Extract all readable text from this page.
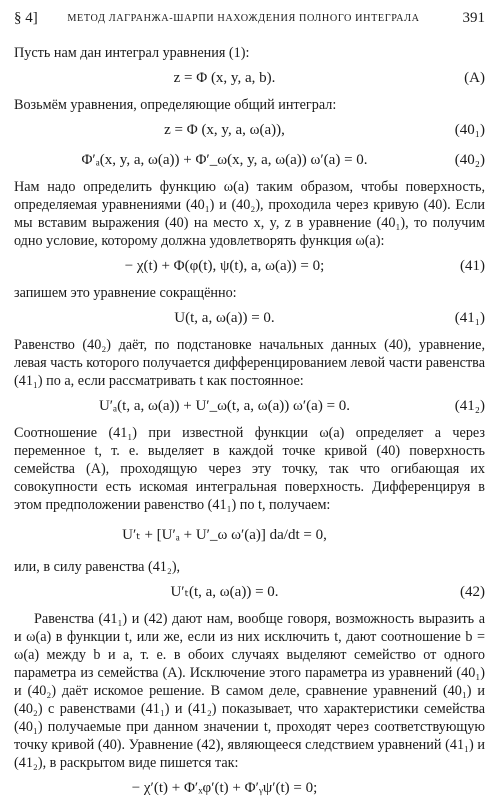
§ 4]	МЕТОД ЛАГРАНЖА-ШАРПИ НАХОЖДЕНИЯ ПОЛНОГО ИНТЕГРАЛА	391

Пусть нам дан интеграл уравнения (1):

z = Φ (x, y, a, b).	(A)

Возьмём уравнения, определяющие общий интеграл:

z = Φ (x, y, a, ω(a)),	(40₁)
Φ′ₐ(x, y, a, ω(a)) + Φ′_ω(x, y, a, ω(a)) ω′(a) = 0.	(40₂)

Нам надо определить функцию ω(a) таким образом, чтобы поверхность, определяемая уравнениями (40₁) и (40₂), проходила через кривую (40). Если мы вставим выражения (40) на место x, y, z в уравнение (40₁), то получим одно условие, которому должна удовлетворять функция ω(a):

− χ(t) + Φ(φ(t), ψ(t), a, ω(a)) = 0;	(41)

запишем это уравнение сокращённо:

U(t, a, ω(a)) = 0.	(41₁)

Равенство (40₂) даёт, по подстановке начальных данных (40), уравнение, левая часть которого получается дифференцированием левой части равенства (41₁) по a, если рассматривать t как постоянное:

U′ₐ(t, a, ω(a)) + U′_ω(t, a, ω(a)) ω′(a) = 0.	(41₂)

Соотношение (41₁) при известной функции ω(a) определяет a через переменное t, т. е. выделяет в каждой точке кривой (40) поверхность семейства (A), проходящую через эту точку, так что огибающая их совокупности есть искомая интегральная поверхность. Дифференцируя в этом предположении равенство (41₁) по t, получаем:

U′ₜ + [U′ₐ + U′_ω ω′(a)] da/dt = 0,

или, в силу равенства (41₂),

U′ₜ(t, a, ω(a)) = 0.	(42)

Равенства (41₁) и (42) дают нам, вообще говоря, возможность выразить a и ω(a) в функции t, или же, если из них исключить t, дают соотношение b = ω(a) между b и a, т. е. в обоих случаях выделяют семейство от одного параметра из семейства (A). Исключение этого параметра из уравнений (40₁) и (40₂) даёт искомое решение. В самом деле, сравнение уравнений (40₁) и (40₂) с равенствами (41₁) и (41₂) показывает, что характеристики семейства (40₁) получаемые при данном значении t, проходят через соответствующую точку кривой (40). Уравнение (42), являющееся следствием уравнений (41₁) и (41₂), в раскрытом виде пишется так:

− χ′(t) + Φ′ₓφ′(t) + Φ′ᵧψ′(t) = 0;
